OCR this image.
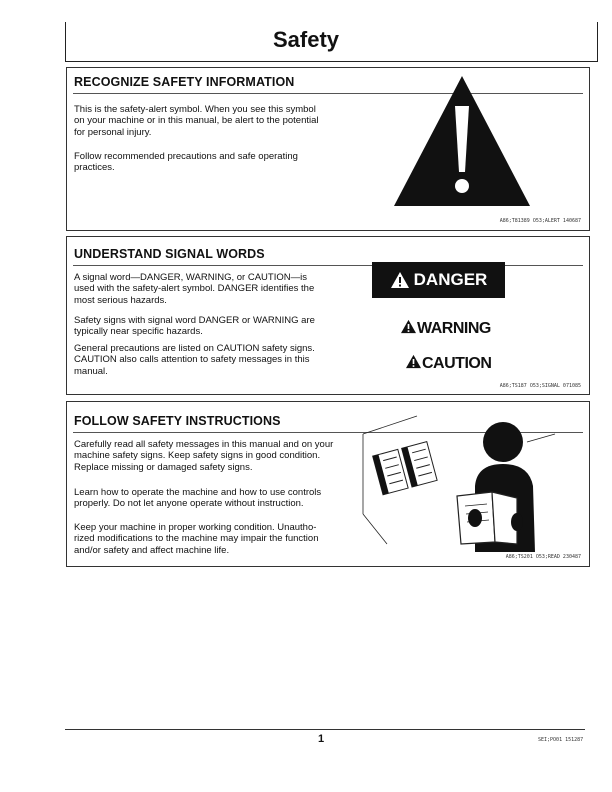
Safety
RECOGNIZE SAFETY INFORMATION

This is the safety-alert symbol. When you see this symbol
on your machine or in this manual, be alert to the potential
for personal injury.

Follow recommended precautions and safe operating
practices.

A86;T81389 O53;ALERT 140687
UNDERSTAND SIGNAL WORDS

A signal word—DANGER, WARNING, or CAUTION—is
used with the safety-alert symbol. DANGER identifies the
most serious hazards.

Safety signs with signal word DANGER or WARNING are
typically near specific hazards.

General precautions are listed on CAUTION safety signs.
CAUTION also calls attention to safety messages in this
manual.

DANGER
WARNING
CAUTION
A86;TS187 O53;SIGNAL 071085
FOLLOW SAFETY INSTRUCTIONS

Carefully read all safety messages in this manual and on your
machine safety signs. Keep safety signs in good condition.
Replace missing or damaged safety signs.

Learn how to operate the machine and how to use controls
properly. Do not let anyone operate without instruction.

Keep your machine in proper working condition. Unautho-
rized modifications to the machine may impair the function
and/or safety and affect machine life.

A86;TS201 O53;READ 230487
1	SEI;PO01 151287
